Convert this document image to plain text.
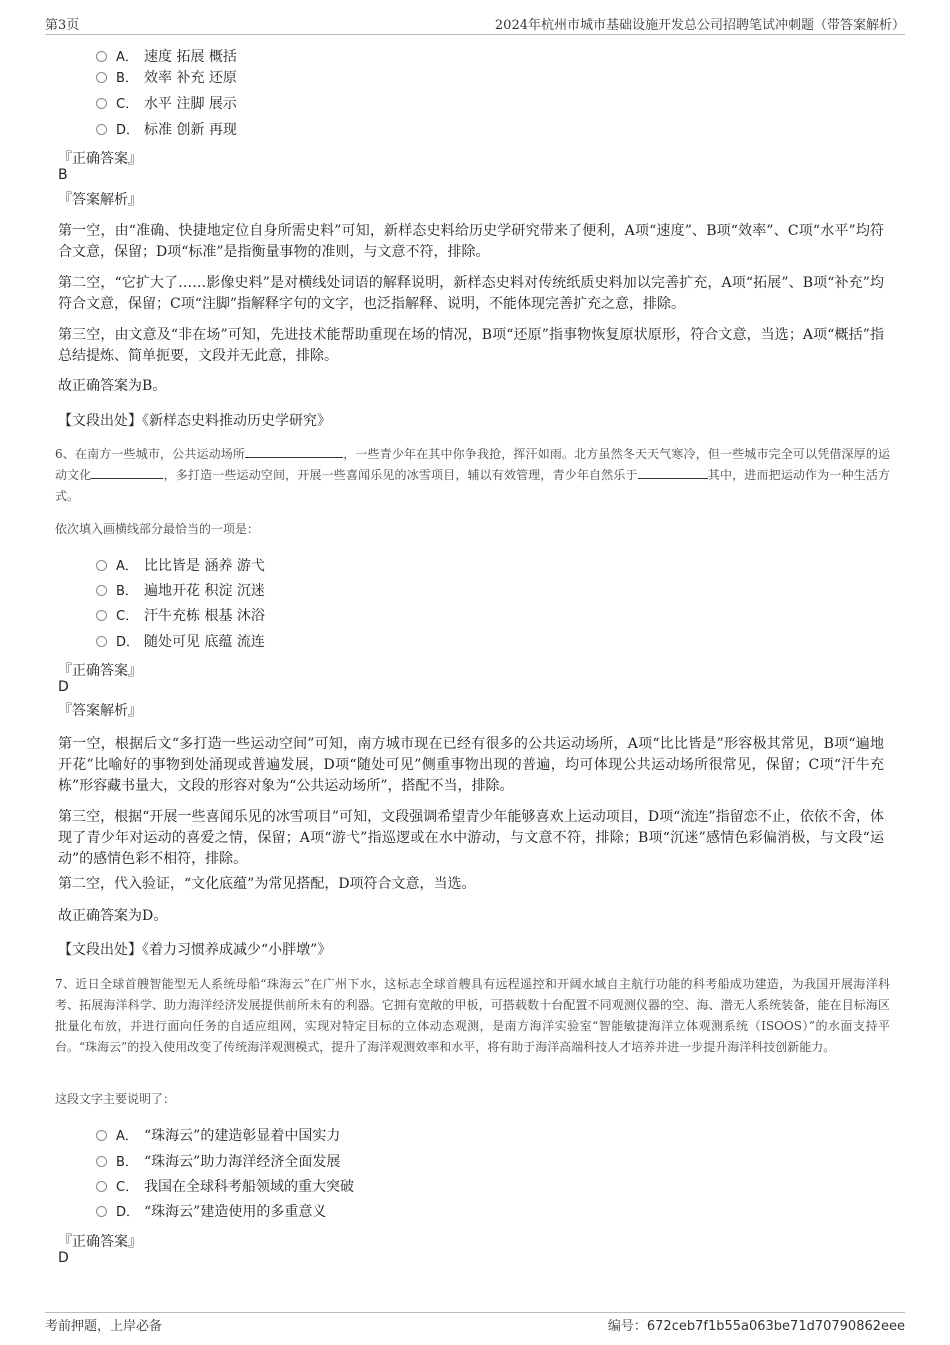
第3页	2024年杭州市城市基础设施开发总公司招聘笔试冲刺题（带答案解析）
A． 速度 拓展 概括
B． 效率 补充 还原
C． 水平 注脚 展示
D． 标准 创新 再现
『正确答案』
B
『答案解析』
第一空，由“准确、快捷地定位自身所需史料”可知，新样态史料给历史学研究带来了便利，A项“速度”、B项“效率”、C项“水平”均符合文意，保留；D项“标准”是指衡量事物的准则，与文意不符，排除。
第二空，“它扩大了……影像史料”是对横线处词语的解释说明，新样态史料对传统纸质史料加以完善扩充，A项“拓展”、B项“补充”均符合文意，保留；C项“注脚”指解释字句的文字，也泛指解释、说明，不能体现完善扩充之意，排除。
第三空，由文意及“非在场”可知，先进技术能帮助重现在场的情况，B项“还原”指事物恢复原状原形，符合文意，当选；A项“概括”指总结提炼、简单扼要，文段并无此意，排除。
故正确答案为B。
【文段出处】《新样态史料推动历史学研究》
6、在南方一些城市，公共运动场所	，一些青少年在其中你争我抢，挥汗如雨。北方虽然冬天天气寒冷，但一些城市完全可以凭借深厚的运动文化	，多打造一些运动空间，开展一些喜闻乐见的冰雪项目，辅以有效管理，青少年自然乐于	其中，进而把运动作为一种生活方式。
依次填入画横线部分最恰当的一项是：
A． 比比皆是 涵养 游弋
B． 遍地开花 积淀 沉迷
C． 汗牛充栋 根基 沐浴
D． 随处可见 底蕴 流连
『正确答案』
D
『答案解析』
第一空，根据后文“多打造一些运动空间”可知，南方城市现在已经有很多的公共运动场所，A项“比比皆是”形容极其常见，B项“遍地开花”比喻好的事物到处涌现或普遍发展，D项“随处可见”侧重事物出现的普遍，均可体现公共运动场所很常见，保留；C项“汗牛充栋”形容藏书量大，文段的形容对象为“公共运动场所”，搭配不当，排除。
第三空，根据“开展一些喜闻乐见的冰雪项目”可知，文段强调希望青少年能够喜欢上运动项目，D项“流连”指留恋不止，依依不舍，体现了青少年对运动的喜爱之情，保留；A项“游弋”指巡逻或在水中游动，与文意不符，排除；B项“沉迷”感情色彩偏消极，与文段“运动”的感情色彩不相符，排除。
第二空，代入验证，“文化底蕴”为常见搭配，D项符合文意，当选。
故正确答案为D。
【文段出处】《着力习惯养成减少“小胖墩”》
7、近日全球首艘智能型无人系统母船“珠海云”在广州下水，这标志全球首艘具有远程遥控和开阔水域自主航行功能的科考船成功建造，为我国开展海洋科考、拓展海洋科学、助力海洋经济发展提供前所未有的利器。它拥有宽敞的甲板，可搭载数十台配置不同观测仪器的空、海、潜无人系统装备，能在目标海区批量化布放，并进行面向任务的自适应组网，实现对特定目标的立体动态观测，是南方海洋实验室“智能敏捷海洋立体观测系统（ISOOS）”的水面支持平台。“珠海云”的投入使用改变了传统海洋观测模式，提升了海洋观测效率和水平，将有助于海洋高端科技人才培养并进一步提升海洋科技创新能力。
这段文字主要说明了：
A． “珠海云”的建造彰显着中国实力
B． “珠海云”助力海洋经济全面发展
C． 我国在全球科考船领域的重大突破
D． “珠海云”建造使用的多重意义
『正确答案』
D
考前押题，上岸必备	编号：672ceb7f1b55a063be71d70790862eee
